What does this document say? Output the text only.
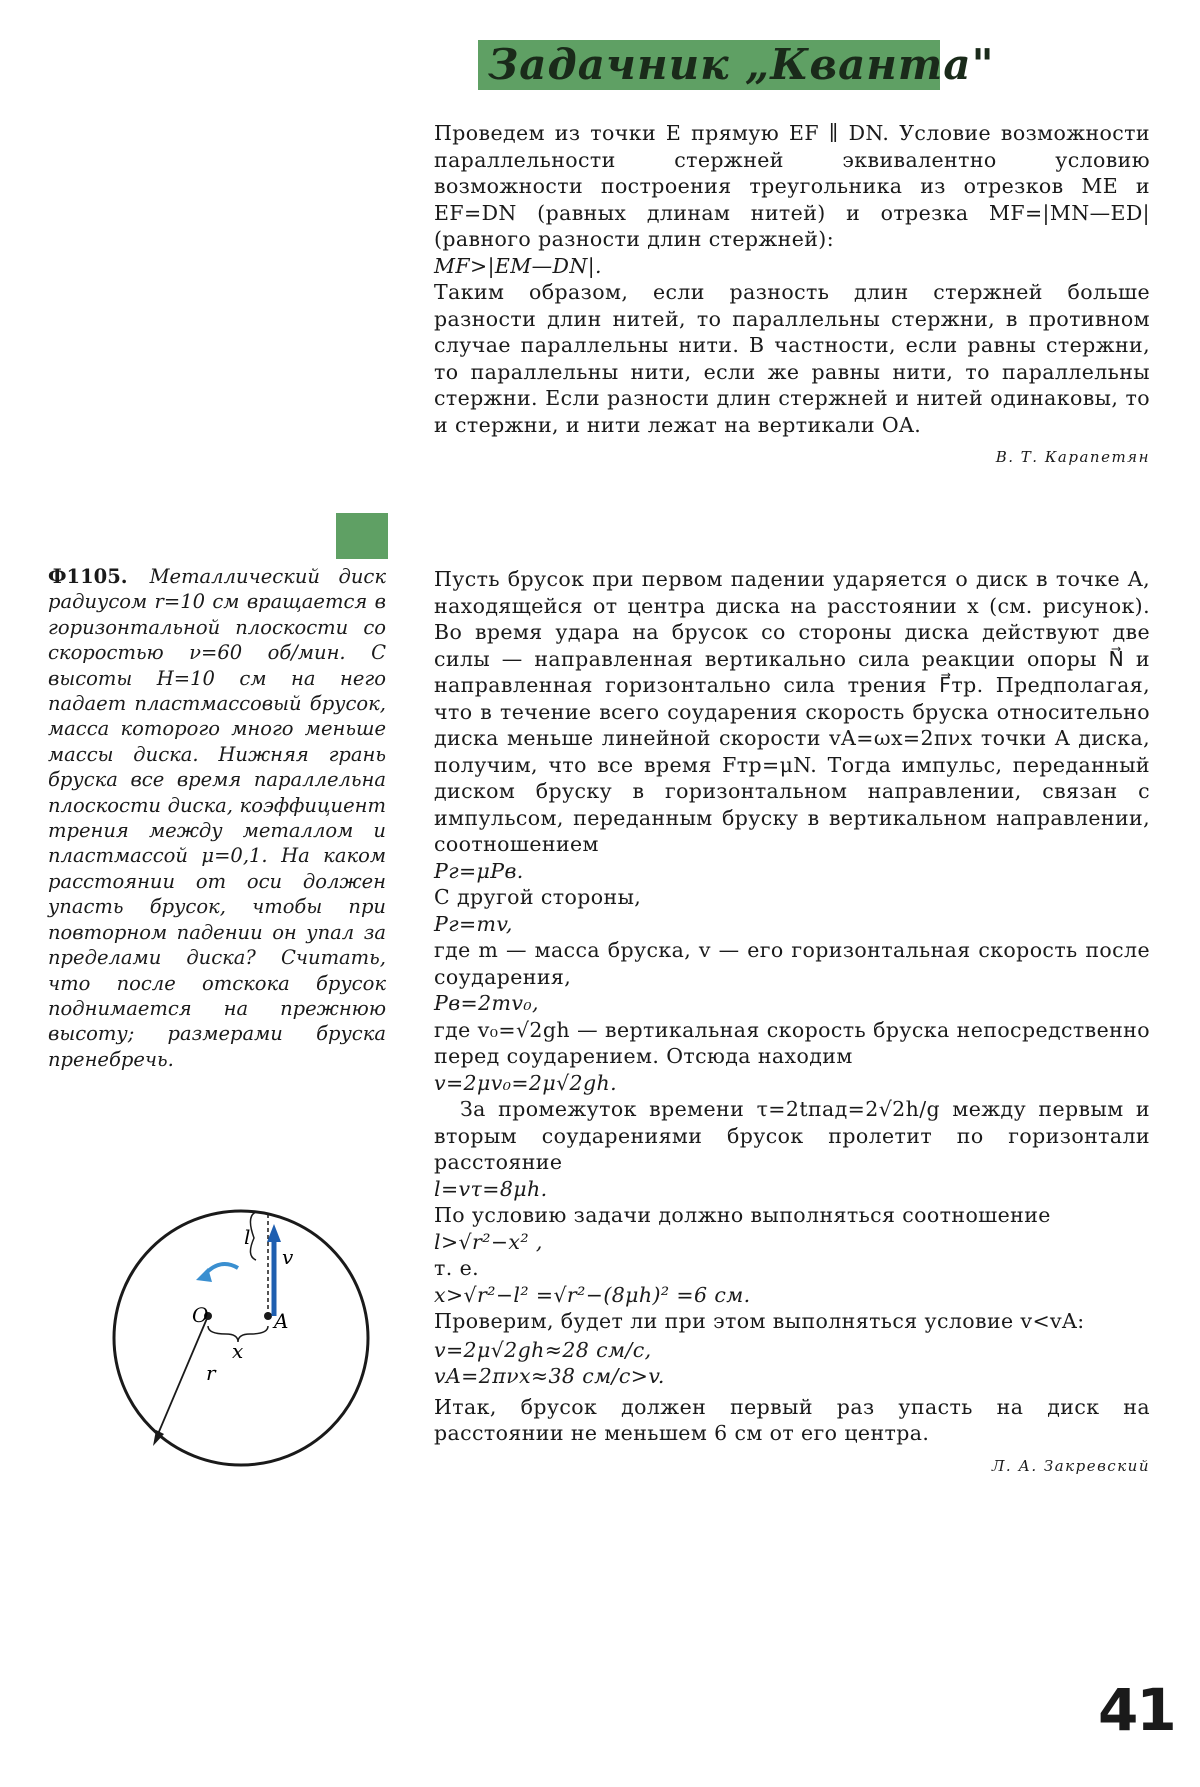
Задачник „Кванта"

Проведем из точки E прямую EF ∥ DN. Условие возможности параллельности стержней эквивалентно условию возможности построения треугольника из отрезков ME и EF=DN (равных длинам нитей) и отрезка MF=|MN—ED| (равного разности длин стержней):

MF>|EM—DN|.

Таким образом, если разность длин стержней больше разности длин нитей, то параллельны стержни, в противном случае параллельны нити. В частности, если равны стержни, то параллельны нити, если же равны нити, то параллельны стержни. Если разности длин стержней и нитей одинаковы, то и стержни, и нити лежат на вертикали OA.

В. Т. Карапетян
Ф1105. Металлический диск радиусом r=10 см вращается в горизонтальной плоскости со скоростью ν=60 об/мин. С высоты H=10 см на него падает пластмассовый брусок, масса которого много меньше массы диска. Нижняя грань бруска все время параллельна плоскости диска, коэффициент трения между металлом и пластмассой μ=0,1. На каком расстоянии от оси должен упасть брусок, чтобы при повторном падении он упал за пределами диска? Считать, что после отскока брусок поднимается на прежнюю высоту; размерами бруска пренебречь.
l
v
O	A
x
r

Пусть брусок при первом падении ударяется о диск в точке A, находящейся от центра диска на расстоянии x (см. рисунок). Во время удара на брусок со стороны диска действуют две силы — направленная вертикально сила реакции опоры N⃗ и направленная горизонтально сила трения F⃗тр. Предполагая, что в течение всего соударения скорость бруска относительно диска меньше линейной скорости vA=ωx=2πνx точки A диска, получим, что все время Fтр=μN. Тогда импульс, переданный диском бруску в горизонтальном направлении, связан с импульсом, переданным бруску в вертикальном направлении, соотношением

Pг=μPв.

С другой стороны,

Pг=mv,

где m — масса бруска, v — его горизонтальная скорость после соударения,

Pв=2mv₀,

где v₀=√2gh — вертикальная скорость бруска непосредственно перед соударением. Отсюда находим

v=2μv₀=2μ√2gh.

За промежуток времени τ=2tпад=2√2h/g между первым и вторым соударениями брусок пролетит по горизонтали расстояние

l=vτ=8μh.

По условию задачи должно выполняться соотношение

l>√r²−x² ,

т. е.

x>√r²−l² =√r²−(8μh)² =6 см.

Проверим, будет ли при этом выполняться условие v<vA:

v=2μ√2gh≈28 см/с,

vA=2πνx≈38 см/с>v.

Итак, брусок должен первый раз упасть на диск на расстоянии не меньшем 6 см от его центра.

Л. А. Закревский
41
